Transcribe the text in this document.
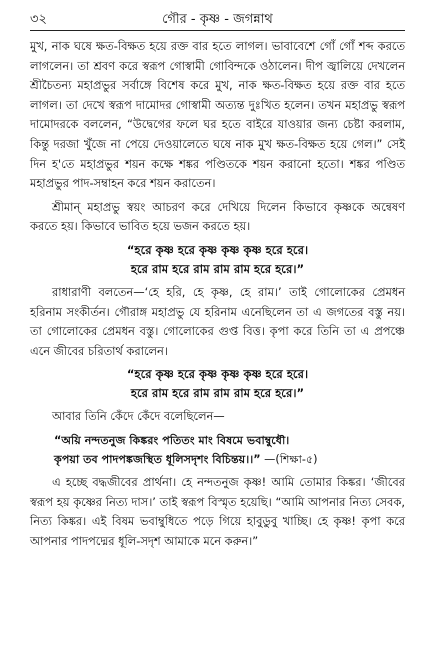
৩২	গৌর - কৃষ্ণ - জগন্নাথ

মুখ, নাক ঘষে ক্ষত-বিক্ষত হয়ে রক্ত বার হতে লাগল। ভাবাবেশে গোঁ গোঁ শব্দ করতে লাগলেন। তা শ্রবণ করে স্বরূপ গোস্বামী গোবিন্দকে ওঠালেন। দীপ জ্বালিয়ে দেখলেন শ্রীচৈতন্য মহাপ্রভুর সর্বাঙ্গে বিশেষ করে মুখ, নাক ক্ষত-বিক্ষত হয়ে রক্ত বার হতে লাগল। তা দেখে স্বরূপ দামোদর গোস্বামী অত্যন্ত দুঃখিত হলেন। তখন মহাপ্রভু স্বরূপ দামোদরকে বললেন, “উদ্বেগের ফলে ঘর হতে বাইরে যাওয়ার জন্য চেষ্টা করলাম, কিন্তু দরজা খুঁজে না পেয়ে দেওয়ালেতে ঘষে নাক মুখ ক্ষত-বিক্ষত হয়ে গেল।” সেই দিন হ'তে মহাপ্রভুর শয়ন কক্ষে শঙ্কর পণ্ডিতকে শয়ন করানো হতো। শঙ্কর পণ্ডিত মহাপ্রভুর পাদ-সম্বাহন করে শয়ন করাতেন।

শ্রীমান্ মহাপ্রভু স্বয়ং আচরণ করে দেখিয়ে দিলেন কিভাবে কৃষ্ণকে অন্বেষণ করতে হয়। কিভাবে ভাবিত হয়ে ভজন করতে হয়।

“হরে কৃষ্ণ হরে কৃষ্ণ কৃষ্ণ কৃষ্ণ হরে হরে।
হরে রাম হরে রাম রাম রাম হরে হরে।”

রাধারাণী বলতেন—‘হে হরি, হে কৃষ্ণ, হে রাম।’ তাই গোলোকের প্রেমধন হরিনাম সংকীর্তন। গৌরাঙ্গ মহাপ্রভু যে হরিনাম এনেছিলেন তা এ জগতের বস্তু নয়। তা গোলোকের প্রেমধন বস্তু। গোলোকের গুপ্ত বিত্ত। কৃপা করে তিনি তা এ প্রপঞ্চে এনে জীবের চরিতার্থ করালেন।

“হরে কৃষ্ণ হরে কৃষ্ণ কৃষ্ণ কৃষ্ণ হরে হরে।
হরে রাম হরে রাম রাম রাম হরে হরে।”

আবার তিনি কেঁদে কেঁদে বলেছিলেন—

“অয়ি নন্দতনুজ কিঙ্করং পতিতং মাং বিষমে ভবাম্বুধৌ।
কৃপয়া তব পাদপঙ্কজস্থিত ধূলিসদৃশং বিচিন্তয়।।” —(শিক্ষা-৫)

এ হচ্ছে বদ্ধজীবের প্রার্থনা। হে নন্দতনুজ কৃষ্ণ! আমি তোমার কিঙ্কর। ‘জীবের স্বরূপ হয় কৃষ্ণের নিত্য দাস।’ তাই স্বরূপ বিস্মৃত হয়েছি। “আমি আপনার নিত্য সেবক, নিত্য কিঙ্কর। এই বিষম ভবাম্বুধিতে পড়ে গিয়ে হাবুডুবু খাচ্ছি। হে কৃষ্ণ! কৃপা করে আপনার পাদপদ্মের ধূলি-সদৃশ আমাকে মনে করুন।”
